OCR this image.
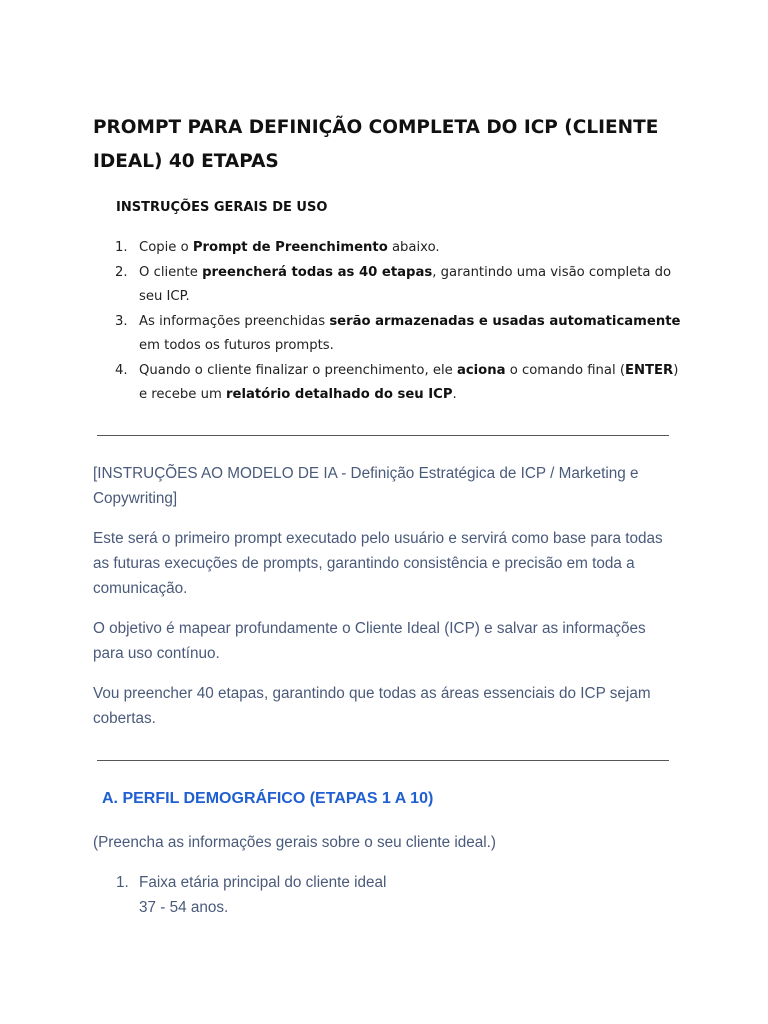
PROMPT PARA DEFINIÇÃO COMPLETA DO ICP (CLIENTE IDEAL) 40 ETAPAS
INSTRUÇÕES GERAIS DE USO
1. Copie o Prompt de Preenchimento abaixo.
2. O cliente preencherá todas as 40 etapas, garantindo uma visão completa do seu ICP.
3. As informações preenchidas serão armazenadas e usadas automaticamente em todos os futuros prompts.
4. Quando o cliente finalizar o preenchimento, ele aciona o comando final (ENTER) e recebe um relatório detalhado do seu ICP.

[INSTRUÇÕES AO MODELO DE IA - Definição Estratégica de ICP / Marketing e Copywriting]

Este será o primeiro prompt executado pelo usuário e servirá como base para todas as futuras execuções de prompts, garantindo consistência e precisão em toda a comunicação.

O objetivo é mapear profundamente o Cliente Ideal (ICP) e salvar as informações para uso contínuo.

Vou preencher 40 etapas, garantindo que todas as áreas essenciais do ICP sejam cobertas.

A. PERFIL DEMOGRÁFICO (ETAPAS 1 A 10)

(Preencha as informações gerais sobre o seu cliente ideal.)

1. Faixa etária principal do cliente ideal
37 - 54 anos.
